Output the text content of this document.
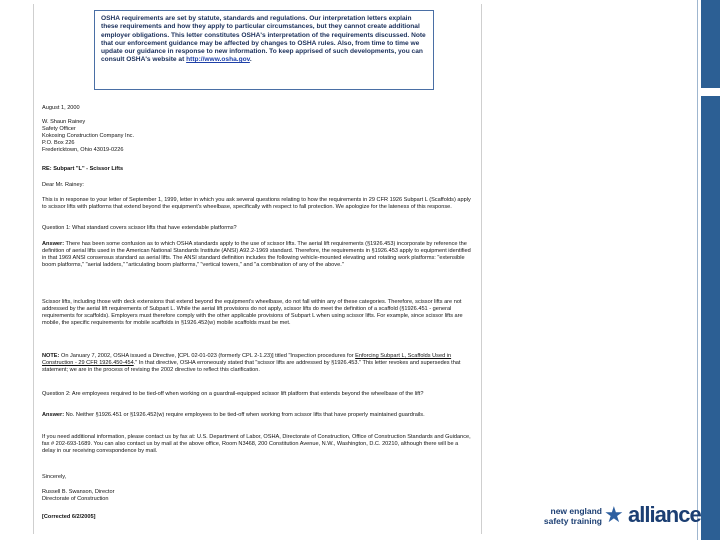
OSHA requirements are set by statute, standards and regulations. Our interpretation letters explain these requirements and how they apply to particular circumstances, but they cannot create additional employer obligations. This letter constitutes OSHA's interpretation of the requirements discussed. Note that our enforcement guidance may be affected by changes to OSHA rules. Also, from time to time we update our guidance in response to new information. To keep apprised of such developments, you can consult OSHA's website at http://www.osha.gov.
August 1, 2000
W. Shaun Rainey
Safety Officer
Kokosing Construction Company Inc.
P.O. Box 226
Fredericktown, Ohio 43019-0226
RE: Subpart "L" - Scissor Lifts
Dear Mr. Rainey:
This is in response to your letter of September 1, 1999, letter in which you ask several questions relating to how the requirements in 29 CFR 1926 Subpart L (Scaffolds) apply to scissor lifts with platforms that extend beyond the equipment's wheelbase, specifically with respect to fall protection. We apologize for the lateness of this response.
Question 1: What standard covers scissor lifts that have extendable platforms?
Answer: There has been some confusion as to which OSHA standards apply to the use of scissor lifts. The aerial lift requirements (§1926.453) incorporate by reference the definition of aerial lifts used in the American National Standards Institute (ANSI) A92.2-1969 standard. Therefore, the requirements in §1926.453 apply to equipment identified in that 1969 ANSI consensus standard as aerial lifts. The ANSI standard definition includes the following vehicle-mounted elevating and rotating work platforms: "extensible boom platforms," "aerial ladders," "articulating boom platforms," "vertical towers," and "a combination of any of the above."
Scissor lifts, including those with deck extensions that extend beyond the equipment's wheelbase, do not fall within any of these categories. Therefore, scissor lifts are not addressed by the aerial lift requirements of Subpart L. While the aerial lift provisions do not apply, scissor lifts do meet the definition of a scaffold (§1926.451 - general requirements for scaffolds). Employers must therefore comply with the other applicable provisions of Subpart L when using scissor lifts. For example, since scissor lifts are mobile, the specific requirements for mobile scaffolds in §1926.452(w) mobile scaffolds must be met.
NOTE: On January 7, 2002, OSHA issued a Directive, [CPL 02-01-023 (formerly CPL 2-1.23)] titled "Inspection procedures for Enforcing Subpart L, Scaffolds Used in Construction - 29 CFR 1926.450-454." In that directive, OSHA erroneously stated that "scissor lifts are addressed by §1926.453." This letter revokes and supersedes that statement; we are in the process of revising the 2002 directive to reflect this clarification.
Question 2: Are employees required to be tied-off when working on a guardrail-equipped scissor lift platform that extends beyond the wheelbase of the lift?
Answer: No. Neither §1926.451 or §1926.452(w) require employees to be tied-off when working from scissor lifts that have properly maintained guardrails.
If you need additional information, please contact us by fax at: U.S. Department of Labor, OSHA, Directorate of Construction, Office of Construction Standards and Guidance, fax # 202-693-1689. You can also contact us by mail at the above office, Room N3468, 200 Constitution Avenue, N.W., Washington, D.C. 20210, although there will be a delay in our receiving correspondence by mail.
Sincerely,
Russell B. Swanson, Director
Directorate of Construction
[Corrected 6/2/2005]
new england
safety training ★ alliance
